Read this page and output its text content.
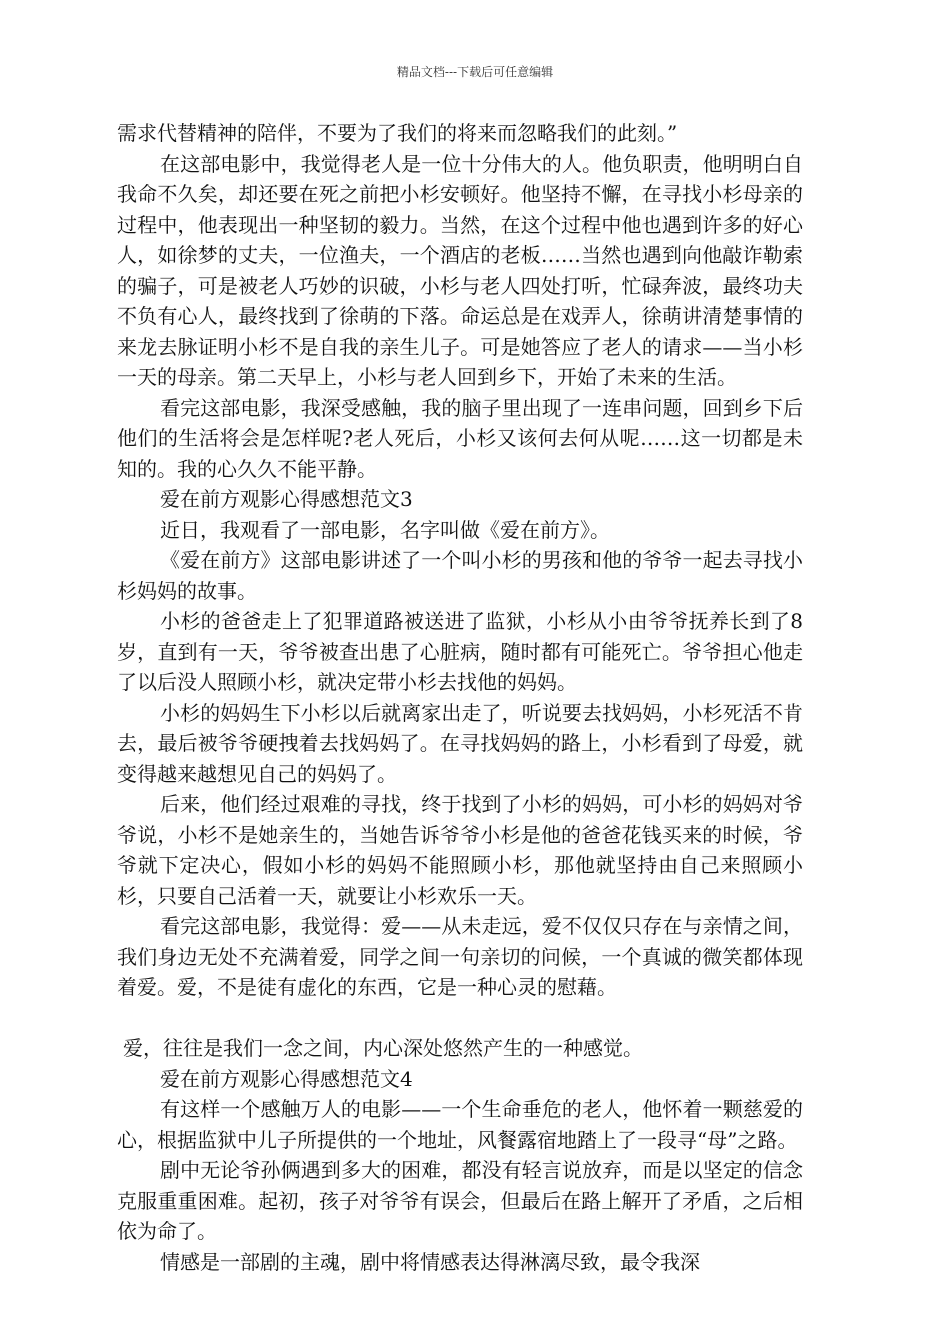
精品文档---下载后可任意编辑

需求代替精神的陪伴，不要为了我们的将来而忽略我们的此刻。”

在这部电影中，我觉得老人是一位十分伟大的人。他负职责，他明明白自我命不久矣，却还要在死之前把小杉安顿好。他坚持不懈，在寻找小杉母亲的过程中，他表现出一种坚韧的毅力。当然，在这个过程中他也遇到许多的好心人，如徐梦的丈夫，一位渔夫，一个酒店的老板……当然也遇到向他敲诈勒索的骗子，可是被老人巧妙的识破，小杉与老人四处打听，忙碌奔波，最终功夫不负有心人，最终找到了徐萌的下落。命运总是在戏弄人，徐萌讲清楚事情的来龙去脉证明小杉不是自我的亲生儿子。可是她答应了老人的请求——当小杉一天的母亲。第二天早上，小杉与老人回到乡下，开始了未来的生活。

看完这部电影，我深受感触，我的脑子里出现了一连串问题，回到乡下后他们的生活将会是怎样呢?老人死后，小杉又该何去何从呢……这一切都是未知的。我的心久久不能平静。

爱在前方观影心得感想范文3

近日，我观看了一部电影，名字叫做《爱在前方》。

《爱在前方》这部电影讲述了一个叫小杉的男孩和他的爷爷一起去寻找小杉妈妈的故事。

小杉的爸爸走上了犯罪道路被送进了监狱，小杉从小由爷爷抚养长到了8岁，直到有一天，爷爷被查出患了心脏病，随时都有可能死亡。爷爷担心他走了以后没人照顾小杉，就决定带小杉去找他的妈妈。

小杉的妈妈生下小杉以后就离家出走了，听说要去找妈妈，小杉死活不肯去，最后被爷爷硬拽着去找妈妈了。在寻找妈妈的路上，小杉看到了母爱，就变得越来越想见自己的妈妈了。

后来，他们经过艰难的寻找，终于找到了小杉的妈妈，可小杉的妈妈对爷爷说，小杉不是她亲生的，当她告诉爷爷小杉是他的爸爸花钱买来的时候，爷爷就下定决心，假如小杉的妈妈不能照顾小杉，那他就坚持由自己来照顾小杉，只要自己活着一天，就要让小杉欢乐一天。

看完这部电影，我觉得：爱——从未走远，爱不仅仅只存在与亲情之间，我们身边无处不充满着爱，同学之间一句亲切的问候，一个真诚的微笑都体现着爱。爱，不是徒有虚化的东西，它是一种心灵的慰藉。

爱，往往是我们一念之间，内心深处悠然产生的一种感觉。

爱在前方观影心得感想范文4

有这样一个感触万人的电影——一个生命垂危的老人，他怀着一颗慈爱的心，根据监狱中儿子所提供的一个地址，风餐露宿地踏上了一段寻“母”之路。

剧中无论爷孙俩遇到多大的困难，都没有轻言说放弃，而是以坚定的信念克服重重困难。起初，孩子对爷爷有误会，但最后在路上解开了矛盾，之后相依为命了。

情感是一部剧的主魂，剧中将情感表达得淋漓尽致，最令我深
